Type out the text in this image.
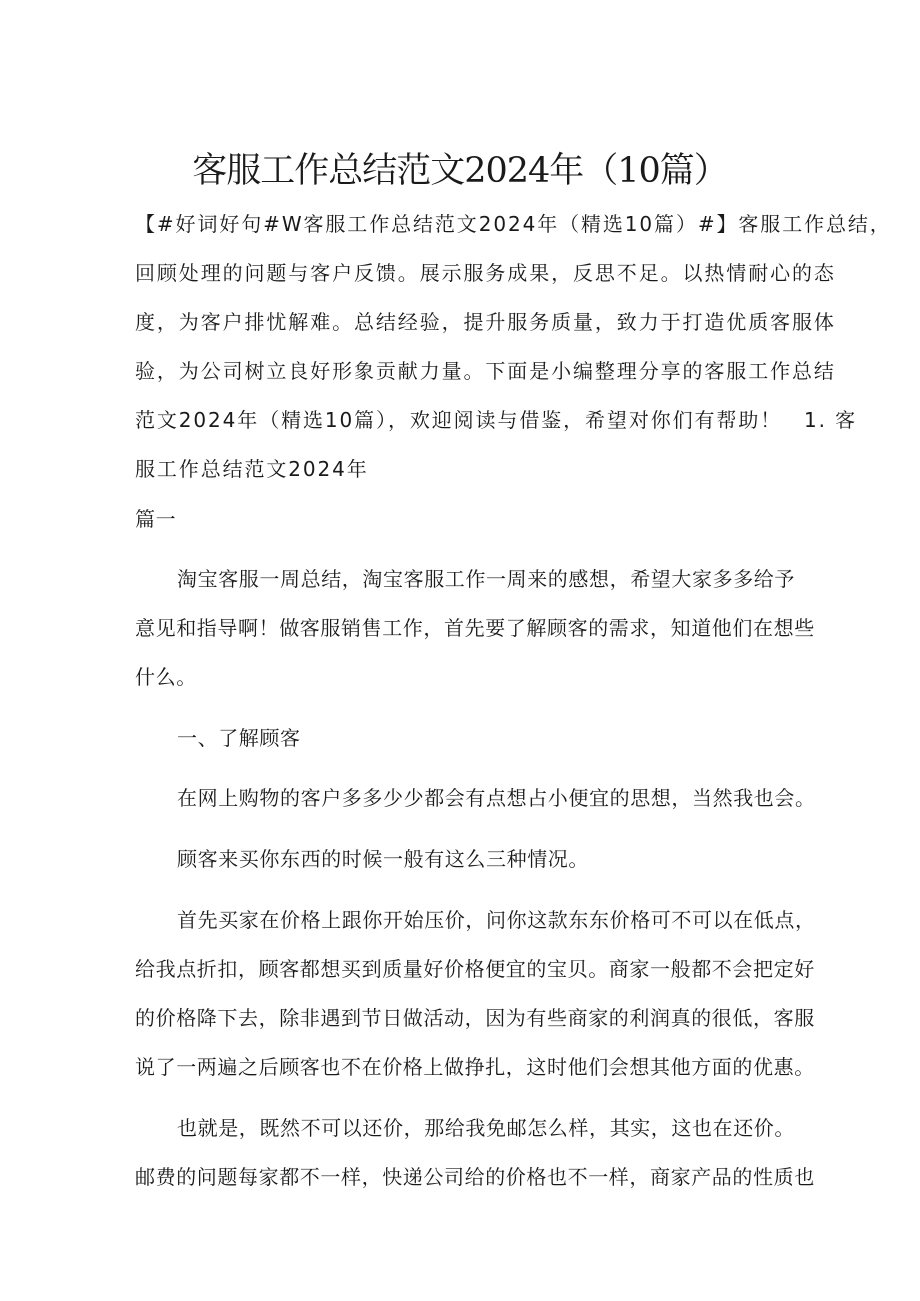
客服工作总结范文2024年（10篇）
【#好词好句#W客服工作总结范文2024年（精选10篇）#】客服工作总结，
回顾处理的问题与客户反馈。展示服务成果，反思不足。以热情耐心的态
度，为客户排忧解难。总结经验，提升服务质量，致力于打造优质客服体
验，为公司树立良好形象贡献力量。下面是小编整理分享的客服工作总结
范文2024年（精选10篇），欢迎阅读与借鉴，希望对你们有帮助！　1. 客
服工作总结范文2024年
篇一
淘宝客服一周总结，淘宝客服工作一周来的感想，希望大家多多给予
意见和指导啊！做客服销售工作，首先要了解顾客的需求，知道他们在想些
什么。
一、了解顾客
在网上购物的客户多多少少都会有点想占小便宜的思想，当然我也会。
顾客来买你东西的时候一般有这么三种情况。
首先买家在价格上跟你开始压价，问你这款东东价格可不可以在低点，
给我点折扣，顾客都想买到质量好价格便宜的宝贝。商家一般都不会把定好
的价格降下去，除非遇到节日做活动，因为有些商家的利润真的很低，客服
说了一两遍之后顾客也不在价格上做挣扎，这时他们会想其他方面的优惠。
也就是，既然不可以还价，那给我免邮怎么样，其实，这也在还价。
邮费的问题每家都不一样，快递公司给的价格也不一样，商家产品的性质也
